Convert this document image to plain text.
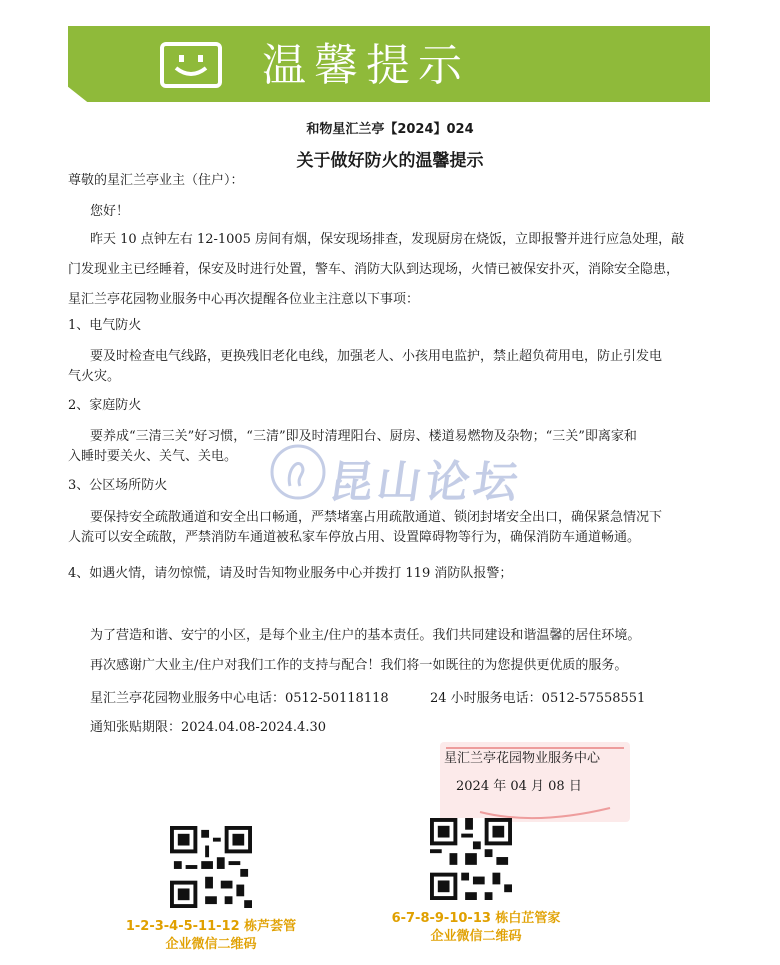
温馨提示
和物星汇兰亭【2024】024
关于做好防火的温馨提示
尊敬的星汇兰亭业主（住户）：
您好！
昨天 10 点钟左右 12-1005 房间有烟，保安现场排查，发现厨房在烧饭，立即报警并进行应急处理，敲
门发现业主已经睡着，保安及时进行处置，警车、消防大队到达现场，火情已被保安扑灭，消除安全隐患，
星汇兰亭花园物业服务中心再次提醒各位业主注意以下事项：
1、电气防火
要及时检查电气线路，更换残旧老化电线，加强老人、小孩用电监护，禁止超负荷用电，防止引发电
气火灾。
2、家庭防火
要养成“三清三关”好习惯，“三清”即及时清理阳台、厨房、楼道易燃物及杂物；“三关”即离家和
入睡时要关火、关气、关电。
3、公区场所防火
要保持安全疏散通道和安全出口畅通，严禁堵塞占用疏散通道、锁闭封堵安全出口，确保紧急情况下
人流可以安全疏散，严禁消防车通道被私家车停放占用、设置障碍物等行为，确保消防车通道畅通。
4、如遇火情，请勿惊慌，请及时告知物业服务中心并拨打 119 消防队报警；
为了营造和谐、安宁的小区，是每个业主/住户的基本责任。我们共同建设和谐温馨的居住环境。
再次感谢广大业主/住户对我们工作的支持与配合！我们将一如既往的为您提供更优质的服务。
星汇兰亭花园物业服务中心电话：0512-50118118	24 小时服务电话：0512-57558551
通知张贴期限：2024.04.08-2024.4.30
昆山论坛
星汇兰亭花园物业服务中心
2024 年 04 月 08 日
1-2-3-4-5-11-12 栋芦荟管
企业微信二维码
6-7-8-9-10-13 栋白芷管家
企业微信二维码
